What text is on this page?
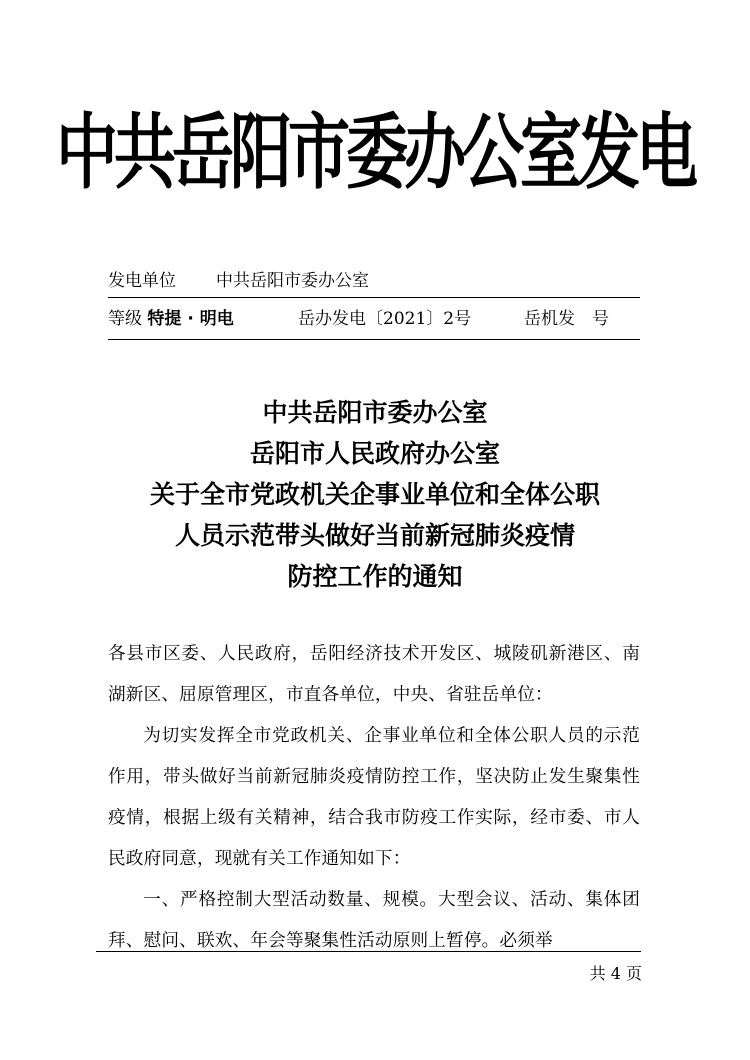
中共岳阳市委办公室发电
发电单位 中共岳阳市委办公室
等级 特提 · 明电	岳办发电〔2021〕2号	岳机发　号
中共岳阳市委办公室
岳阳市人民政府办公室
关于全市党政机关企事业单位和全体公职
人员示范带头做好当前新冠肺炎疫情
防控工作的通知

各县市区委、人民政府，岳阳经济技术开发区、城陵矶新港区、南湖新区、屈原管理区，市直各单位，中央、省驻岳单位：

为切实发挥全市党政机关、企事业单位和全体公职人员的示范作用，带头做好当前新冠肺炎疫情防控工作，坚决防止发生聚集性疫情，根据上级有关精神，结合我市防疫工作实际，经市委、市人民政府同意，现就有关工作通知如下：

一、严格控制大型活动数量、规模。大型会议、活动、集体团拜、慰问、联欢、年会等聚集性活动原则上暂停。必须举

共 4 页
